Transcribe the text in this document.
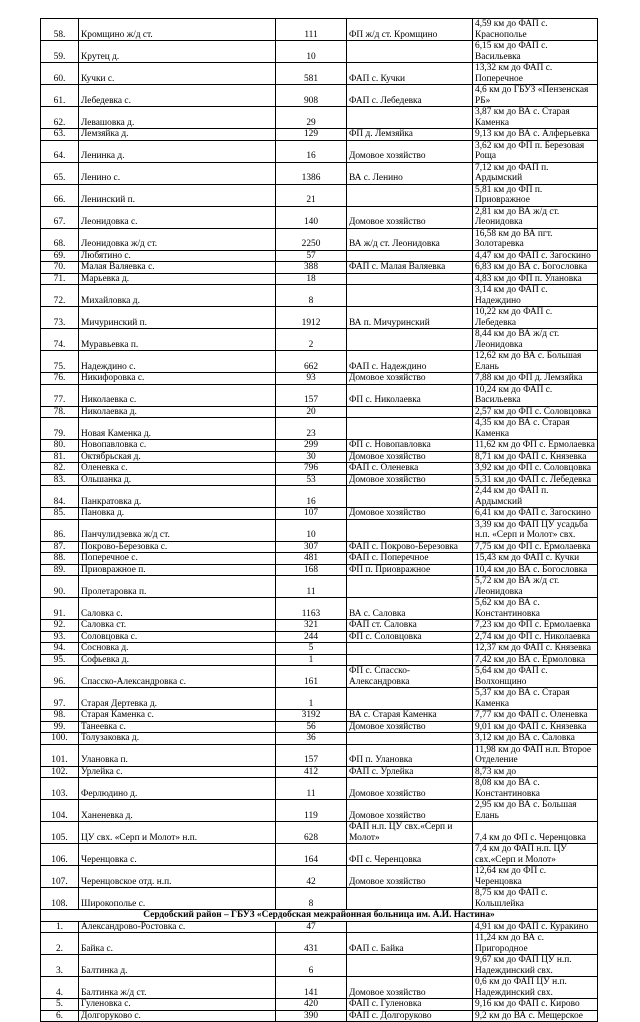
58.	Кромщино ж/д ст.	111	ФП ж/д ст. Кромщино	4,59 км до ФАП с. Краснополье
59.	Крутец д.	10		6,15 км до ФАП с. Васильевка
60.	Кучки с.	581	ФАП с. Кучки	13,32 км до ФАП с. Поперечное
61.	Лебедевка с.	908	ФАП с. Лебедевка	4,6 км до ГБУЗ «Пензенская РБ»
62.	Левашовка д.	29		3,87 км до ВА с. Старая Каменка
63.	Лемзяйка д.	129	ФП д. Лемзяйка	9,13 км до ВА с. Алферьевка
64.	Ленинка д.	16	Домовое хозяйство	3,62 км до ФП п. Березовая Роща
65.	Ленино с.	1386	ВА с. Ленино	7,12 км до ФАП п. Ардымский
66.	Ленинский п.	21		5,81 км до ФП п. Приовражное
67.	Леонидовка с.	140	Домовое хозяйство	2,81 км до ВА ж/д ст. Леонидовка
68.	Леонидовка ж/д ст.	2250	ВА ж/д ст. Леонидовка	16,58 км до ВА пгт. Золотаревка
69.	Любятино с.	57		4,47 км до ФАП с. Загоскино
70.	Малая Валяевка с.	388	ФАП с. Малая Валяевка	6,83 км до ВА с. Богословка
71.	Марьевка д.	18		4,83 км до ФП п. Улановка
72.	Михайловка д.	8		3,14 км до ФАП с. Надеждино
73.	Мичуринский п.	1912	ВА п. Мичуринский	10,22 км до ФАП с. Лебедевка
74.	Муравьевка п.	2		8,44 км до ВА ж/д ст. Леонидовка
75.	Надеждино с.	662	ФАП с. Надеждино	12,62 км до ВА с. Большая Елань
76.	Никифоровка с.	93	Домовое хозяйство	7,88 км до ФП д. Лемзяйка
77.	Николаевка с.	157	ФП с. Николаевка	10,24 км до ФАП с. Васильевка
78.	Николаевка д.	20		2,57 км до ФП с. Соловцовка
79.	Новая Каменка д.	23		4,35 км до ВА с. Старая Каменка
80.	Новопавловка с.	299	ФП с. Новопавловка	11,62 км до ФП с. Ермолаевка
81.	Октябрьская д.	30	Домовое хозяйство	8,71 км до ФАП с. Князевка
82.	Оленевка с.	796	ФАП с. Оленевка	3,92 км до ФП с. Соловцовка
83.	Ольшанка д.	53	Домовое хозяйство	5,31 км до ФАП с. Лебедевка
84.	Панкратовка д.	16		2,44 км до ФАП п. Ардымский
85.	Пановка д.	107	Домовое хозяйство	6,41 км до ФАП с. Загоскино
86.	Панчулидзевка ж/д ст.	10		3,39 км до ФАП ЦУ усадьба н.п. «Серп и Молот» свх.
87.	Покрово-Березовка с.	307	ФАП с. Покрово-Березовка	7,75 км до ФП с. Ермолаевка
88.	Поперечное с.	481	ФАП с. Поперечное	15,43 км до ФАП с. Кучки
89.	Приовражное п.	168	ФП п. Приовражное	10,4 км до ВА с. Богословка
90.	Пролетаровка п.	11		5,72 км до ВА ж/д ст. Леонидовка
91.	Саловка с.	1163	ВА с. Саловка	5,62 км до ВА с. Константиновка
92.	Саловка ст.	321	ФАП ст. Саловка	7,23 км до ФП с. Ермолаевка
93.	Соловцовка с.	244	ФП с. Соловцовка	2,74 км до ФП с. Николаевка
94.	Сосновка д.	5		12,37 км до ФАП с. Князевка
95.	Софьевка д.	1		7,42 км до ВА с. Ермоловка
96.	Спасско-Александровка с.	161	ФП с. Спасско-Александровка	5,64 км до ФАП с. Волхонщино
97.	Старая Дертевка д.	1		5,37 км до ВА с. Старая Каменка
98.	Старая Каменка с.	3192	ВА с. Старая Каменка	7,77 км до ФАП с. Оленевка
99.	Танеевка с.	56	Домовое хозяйство	9,01 км до ФАП с. Князевка
100.	Толузаковка д.	36		3,12 км до ВА с. Саловка
101.	Улановка п.	157	ФП п. Улановка	11,98 км до ФАП н.п. Второе Отделение
102.	Урлейка с.	412	ФАП с. Урлейка	8,73 км до
103.	Ферлюдино д.	11	Домовое хозяйство	8,08 км до ВА с. Константиновка
104.	Ханеневка д.	119	Домовое хозяйство	2,95 км до ВА с. Большая Елань
105.	ЦУ свх. «Серп и Молот» н.п.	628	ФАП н.п. ЦУ свх.«Серп и Молот»	7,4 км до ФП с. Черенцовка
106.	Черенцовка с.	164	ФП с. Черенцовка	7,4 км до ФАП н.п. ЦУ свх.«Серп и Молот»
107.	Черенцовское отд. н.п.	42	Домовое хозяйство	12,64 км до ФП с. Черенцовка
108.	Широкополье с.	8		8,75 км до ФАП с. Кольшлейка
Сердобский район – ГБУЗ «Сердобская межрайонная больница им. А.И. Настина»				
1.	Александрово-Ростовка с.	47		4,91 км до ФАП с. Куракино
2.	Байка с.	431	ФАП с. Байка	11,24 км до ВА с. Пригородное
3.	Балтинка д.	6		9,67 км до ФАП ЦУ н.п. Надеждинский свх.
4.	Балтинка ж/д ст.	141	Домовое хозяйство	0,6 км до ФАП ЦУ н.п. Надеждинский свх.
5.	Гуленовка с.	420	ФАП с. Гуленовка	9,16 км до ФАП с. Кирово
6.	Долгоруково с.	390	ФАП с. Долгоруково	9,2 км до ВА с. Мещерское
